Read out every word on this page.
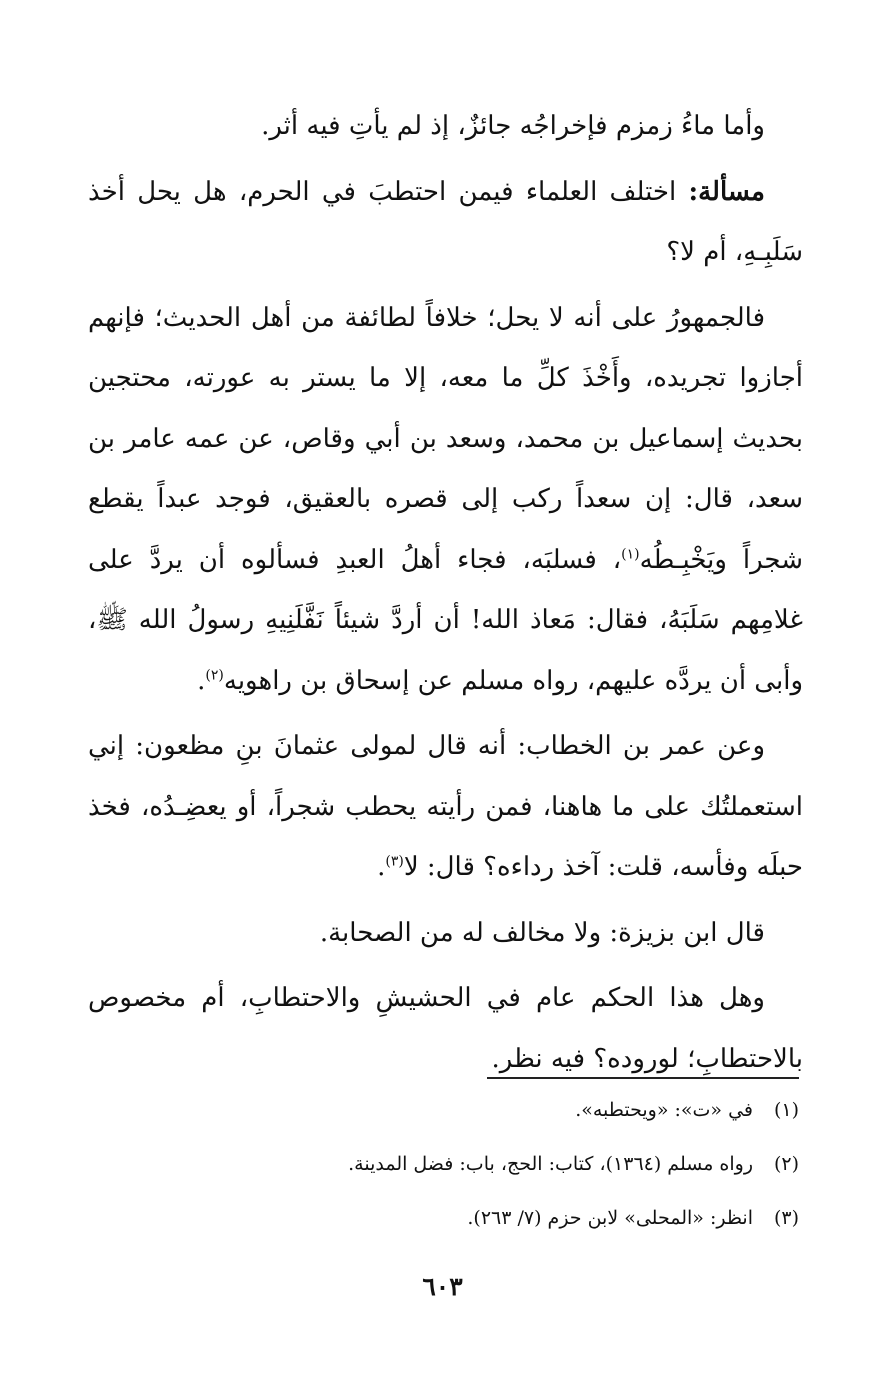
وأما ماءُ زمزم فإخراجُه جائزٌ، إذ لم يأتِ فيه أثر.

مسألة: اختلف العلماء فيمن احتطبَ في الحرم، هل يحل أخذ سَلَبِـهِ، أم لا؟

فالجمهورُ على أنه لا يحل؛ خلافاً لطائفة من أهل الحديث؛ فإنهم أجازوا تجريده، وأَخْذَ كلِّ ما معه، إلا ما يستر به عورته، محتجين بحديث إسماعيل بن محمد، وسعد بن أبي وقاص، عن عمه عامر بن سعد، قال: إن سعداً ركب إلى قصره بالعقيق، فوجد عبداً يقطع شجراً ويَخْبِـطُه$^{(١)}$، فسلبَه، فجاء أهلُ العبدِ فسألوه أن يردَّ على غلامِهم سَلَبَهُ، فقال: مَعاذ الله! أن أردَّ شيئاً نَفَّلَنِيهِ رسولُ الله ﷺ، وأبى أن يردَّه عليهم، رواه مسلم عن إسحاق بن راهويه$^{(٢)}$.

وعن عمر بن الخطاب: أنه قال لمولى عثمانَ بنِ مظعون: إني استعملتُك على ما هاهنا، فمن رأيته يحطب شجراً، أو يعضِـدُه، فخذ حبلَه وفأسه، قلت: آخذ رداءه؟ قال: لا$^{(٣)}$.

قال ابن بزيزة: ولا مخالف له من الصحابة.

وهل هذا الحكم عام في الحشيشِ والاحتطابِ، أم مخصوص بالاحتطابِ؛ لوروده؟ فيه نظر.

(١)
في «ت»: «ويحتطبه».
(٢)
رواه مسلم (١٣٦٤)، كتاب: الحج، باب: فضل المدينة.
(٣)
انظر: «المحلى» لابن حزم (٧/ ٢٦٣).
٦٠٣
